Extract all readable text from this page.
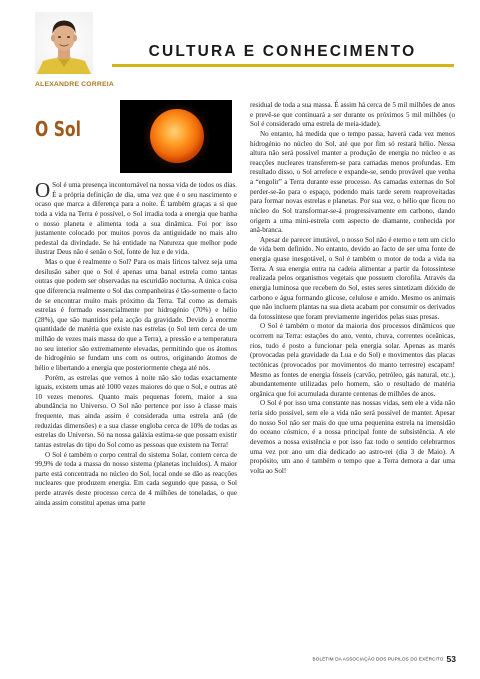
CULTURA E CONHECIMENTO
ALEXANDRE CORREIA
O Sol

O Sol é uma presença incontornável na nossa vida de todos os dias. É a própria definição de dia, uma vez que é o seu nascimento e ocaso que marca a diferença para a noite. É também graças a si que toda a vida na Terra é possível, o Sol irradia toda a energia que banha o nosso planeta e alimenta toda a sua dinâmica. Foi por isso justamente colocado por muitos povos da antiguidade no mais alto pedestal da divindade. Se há entidade na Natureza que melhor pode ilustrar Deus não é senão o Sol, fonte de luz e de vida.

Mas o que é realmente o Sol? Para os mais líricos talvez seja uma desilusão saber que o Sol é apenas uma banal estrela como tantas outras que podem ser observadas na escuridão nocturna. A única coisa que diferencia realmente o Sol das companheiras é tão-somente o facto de se encontrar muito mais próximo da Terra. Tal como as demais estrelas é formado essencialmente por hidrogénio (70%) e hélio (28%), que são mantidos pela acção da gravidade. Devido à enorme quantidade de matéria que existe nas estrelas (o Sol tem cerca de um milhão de vezes mais massa do que a Terra), a pressão e a temperatura no seu interior são extremamente elevadas, permitindo que os átomos de hidrogénio se fundam uns com os outros, originando átomos de hélio e libertando a energia que posteriormente chega até nós.

Porém, as estrelas que vemos à noite não são todas exactamente iguais, existem umas até 1000 vezes maiores do que o Sol, e outras até 10 vezes menores. Quanto mais pequenas forem, maior a sua abundância no Universo. O Sol não pertence por isso à classe mais frequente, mas ainda assim é considerada uma estrela anã (de reduzidas dimensões) e a sua classe engloba cerca de 10% de todas as estrelas do Universo. Só na nossa galáxia estima-se que possam existir tantas estrelas do tipo do Sol como as pessoas que existem na Terra!

O Sol é também o corpo central do sistema Solar, contem cerca de 99,9% de toda a massa do nosso sistema (planetas incluídos). A maior parte está concentrada no núcleo do Sol, local onde se dão as reacções nucleares que produzem energia. Em cada segundo que passa, o Sol perde através deste processo cerca de 4 milhões de toneladas, o que ainda assim constitui apenas uma parte

residual de toda a sua massa. É assim há cerca de 5 mil milhões de anos e prevê-se que continuará a ser durante os próximos 5 mil milhões (o Sol é considerado uma estrela de meia-idade).

No entanto, há medida que o tempo passa, haverá cada vez menos hidrogénio no núcleo do Sol, até que por fim só restará hélio. Nessa altura não será possível manter a produção de energia no núcleo e as reacções nucleares transferem-se para camadas menos profundas. Em resultado disso, o Sol arrefece e expande-se, sendo provável que venha a “engolir” a Terra durante esse processo. As camadas externas do Sol perder-se-ão para o espaço, podendo mais tarde serem reaproveitadas para formar novas estrelas e planetas. Por sua vez, o hélio que ficou no núcleo do Sol transformar-se-á progressivamente em carbono, dando origem a uma mini-estrela com aspecto de diamante, conhecida por anã-branca.

Apesar de parecer imutável, o nosso Sol não é eterno e tem um ciclo de vida bem definido. No entanto, devido ao facto de ser uma fonte de energia quase inesgotável, o Sol é também o motor de toda a vida na Terra. A sua energia entra na cadeia alimentar a partir da fotossíntese realizada pelos organismos vegetais que possuem clorofila. Através da energia luminosa que recebem do Sol, estes seres sintetizam dióxido de carbono e água formando glicose, celulose e amido. Mesmo os animais que não incluem plantas na sua dieta acabam por consumir os derivados da fotossíntese que foram previamente ingeridos pelas suas presas.

O Sol é também o motor da maioria dos processos dinâmicos que ocorrem na Terra: estações do ano, vento, chuva, correntes oceânicas, rios, tudo é posto a funcionar pela energia solar. Apenas as marés (provocadas pela gravidade da Lua e do Sol) e movimentos das placas tectónicas (provocados por movimentos do manto terrestre) escapam! Mesmo as fontes de energia fósseis (carvão, petróleo, gás natural, etc.), abundantemente utilizadas pelo homem, são o resultado de matéria orgânica que foi acumulada durante centenas de milhões de anos.

O Sol é por isso uma constante nas nossas vidas, sem ele a vida não teria sido possível, sem ele a vida não será possível de manter. Apesar do nosso Sol não ser mais do que uma pequenina estrela na imensidão do oceano cósmico, é a nossa principal fonte de subsistência. A ele devemos a nossa existência e por isso faz todo o sentido celebrarmos uma vez por ano um dia dedicado ao astro-rei (dia 3 de Maio). A propósito, um ano é também o tempo que a Terra demora a dar uma volta ao Sol!

BOLETIM DA ASSOCIAÇÃO DOS PUPILOS DO EXÉRCITO 53
